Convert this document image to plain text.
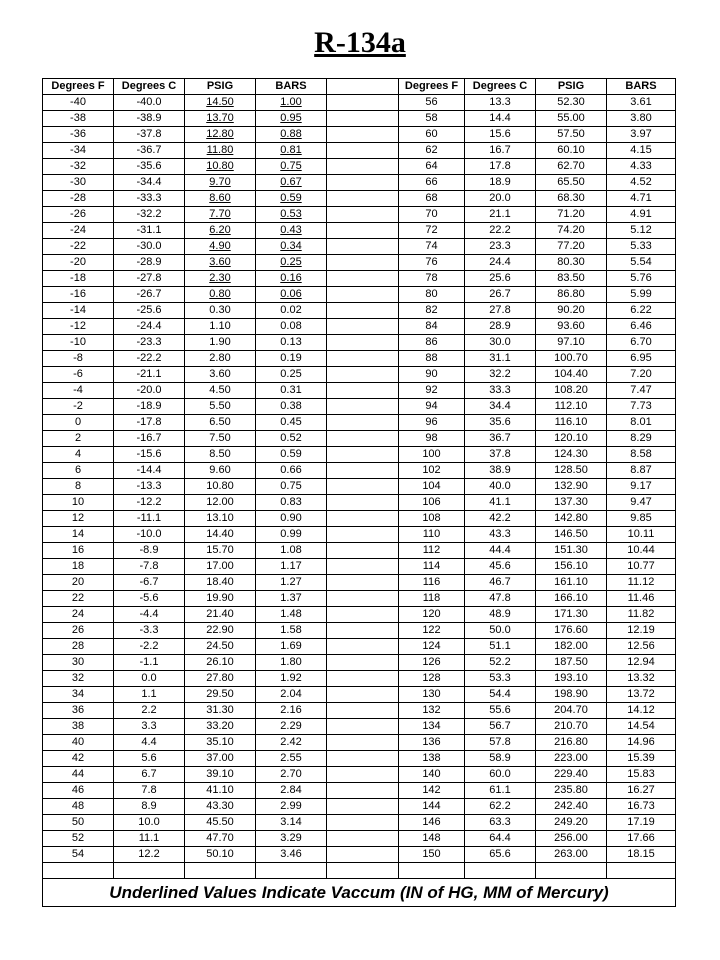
R-134a
Degrees F	Degrees C	PSIG	BARS		Degrees F	Degrees C	PSIG	BARS
-40	-40.0	14.50	1.00		56	13.3	52.30	3.61
-38	-38.9	13.70	0.95		58	14.4	55.00	3.80
-36	-37.8	12.80	0.88		60	15.6	57.50	3.97
-34	-36.7	11.80	0.81		62	16.7	60.10	4.15
-32	-35.6	10.80	0.75		64	17.8	62.70	4.33
-30	-34.4	9.70	0.67		66	18.9	65.50	4.52
-28	-33.3	8.60	0.59		68	20.0	68.30	4.71
-26	-32.2	7.70	0.53		70	21.1	71.20	4.91
-24	-31.1	6.20	0.43		72	22.2	74.20	5.12
-22	-30.0	4.90	0.34		74	23.3	77.20	5.33
-20	-28.9	3.60	0.25		76	24.4	80.30	5.54
-18	-27.8	2.30	0.16		78	25.6	83.50	5.76
-16	-26.7	0.80	0.06		80	26.7	86.80	5.99
-14	-25.6	0.30	0.02		82	27.8	90.20	6.22
-12	-24.4	1.10	0.08		84	28.9	93.60	6.46
-10	-23.3	1.90	0.13		86	30.0	97.10	6.70
-8	-22.2	2.80	0.19		88	31.1	100.70	6.95
-6	-21.1	3.60	0.25		90	32.2	104.40	7.20
-4	-20.0	4.50	0.31		92	33.3	108.20	7.47
-2	-18.9	5.50	0.38		94	34.4	112.10	7.73
0	-17.8	6.50	0.45		96	35.6	116.10	8.01
2	-16.7	7.50	0.52		98	36.7	120.10	8.29
4	-15.6	8.50	0.59		100	37.8	124.30	8.58
6	-14.4	9.60	0.66		102	38.9	128.50	8.87
8	-13.3	10.80	0.75		104	40.0	132.90	9.17
10	-12.2	12.00	0.83		106	41.1	137.30	9.47
12	-11.1	13.10	0.90		108	42.2	142.80	9.85
14	-10.0	14.40	0.99		110	43.3	146.50	10.11
16	-8.9	15.70	1.08		112	44.4	151.30	10.44
18	-7.8	17.00	1.17		114	45.6	156.10	10.77
20	-6.7	18.40	1.27		116	46.7	161.10	11.12
22	-5.6	19.90	1.37		118	47.8	166.10	11.46
24	-4.4	21.40	1.48		120	48.9	171.30	11.82
26	-3.3	22.90	1.58		122	50.0	176.60	12.19
28	-2.2	24.50	1.69		124	51.1	182.00	12.56
30	-1.1	26.10	1.80		126	52.2	187.50	12.94
32	0.0	27.80	1.92		128	53.3	193.10	13.32
34	1.1	29.50	2.04		130	54.4	198.90	13.72
36	2.2	31.30	2.16		132	55.6	204.70	14.12
38	3.3	33.20	2.29		134	56.7	210.70	14.54
40	4.4	35.10	2.42		136	57.8	216.80	14.96
42	5.6	37.00	2.55		138	58.9	223.00	15.39
44	6.7	39.10	2.70		140	60.0	229.40	15.83
46	7.8	41.10	2.84		142	61.1	235.80	16.27
48	8.9	43.30	2.99		144	62.2	242.40	16.73
50	10.0	45.50	3.14		146	63.3	249.20	17.19
52	11.1	47.70	3.29		148	64.4	256.00	17.66
54	12.2	50.10	3.46		150	65.6	263.00	18.15

Underlined Values Indicate Vaccum (IN of HG, MM of Mercury)								
